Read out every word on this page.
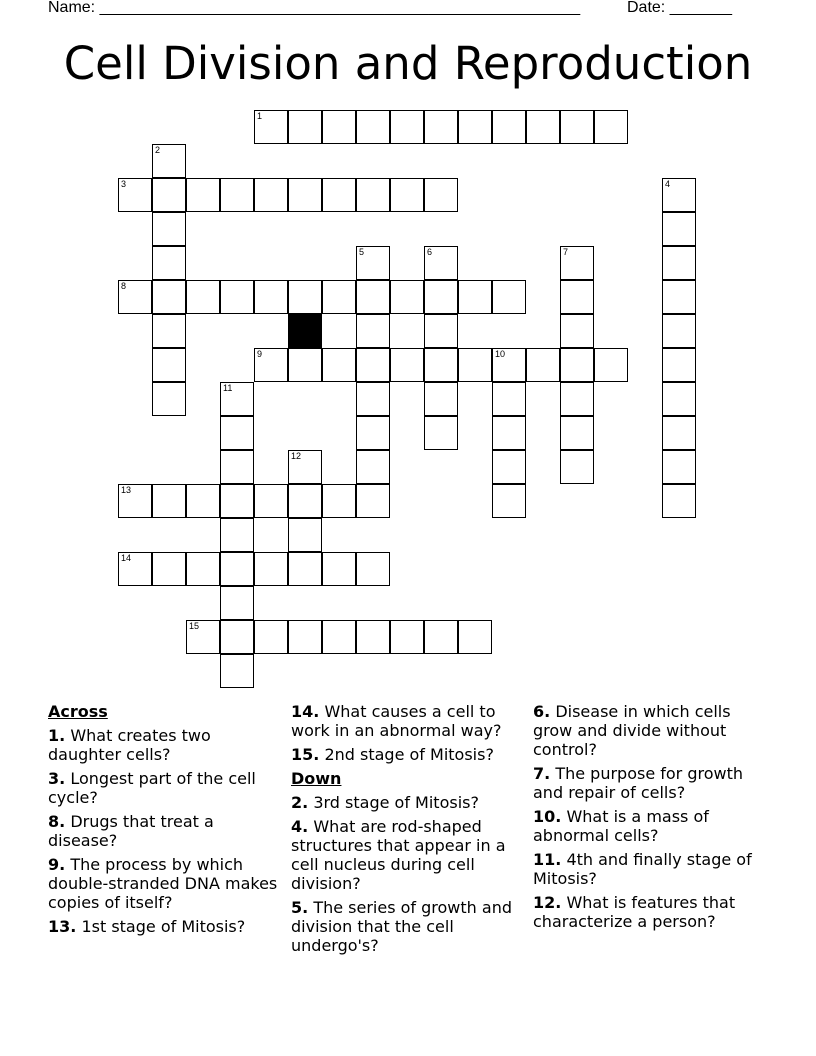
Name: ______________________________________________________	Date: _______
Cell Division and Reproduction
1
3
8
9	10
13
14
15
2
4
5	6	7
11
12
Across
1. What creates two daughter cells?
3. Longest part of the cell cycle?
8. Drugs that treat a disease?
9. The process by which double-stranded DNA makes copies of itself?
13. 1st stage of Mitosis?
14. What causes a cell to work in an abnormal way?
15. 2nd stage of Mitosis?
Down
2. 3rd stage of Mitosis?
4. What are rod-shaped structures that appear in a cell nucleus during cell division?
5. The series of growth and division that the cell undergo's?
6. Disease in which cells grow and divide without control?
7. The purpose for growth and repair of cells?
10. What is a mass of abnormal cells?
11. 4th and finally stage of Mitosis?
12. What is features that characterize a person?
